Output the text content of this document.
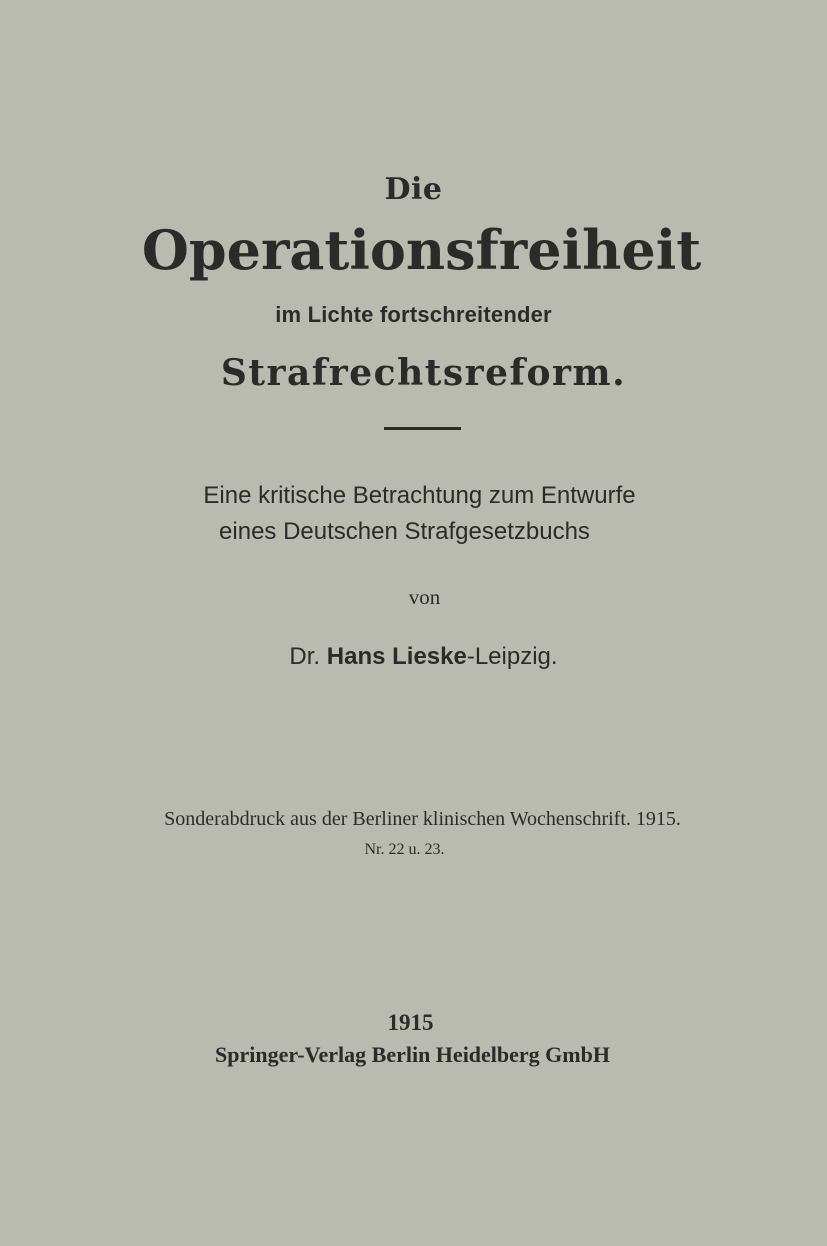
Die
Operationsfreiheit
im Lichte fortschreitender
Strafrechtsreform.
Eine kritische Betrachtung zum Entwurfe
eines Deutschen Strafgesetzbuchs
von
Dr. Hans Lieske-Leipzig.
Sonderabdruck aus der Berliner klinischen Wochenschrift. 1915.
Nr. 22 u. 23.
1915
Springer-Verlag Berlin Heidelberg GmbH
